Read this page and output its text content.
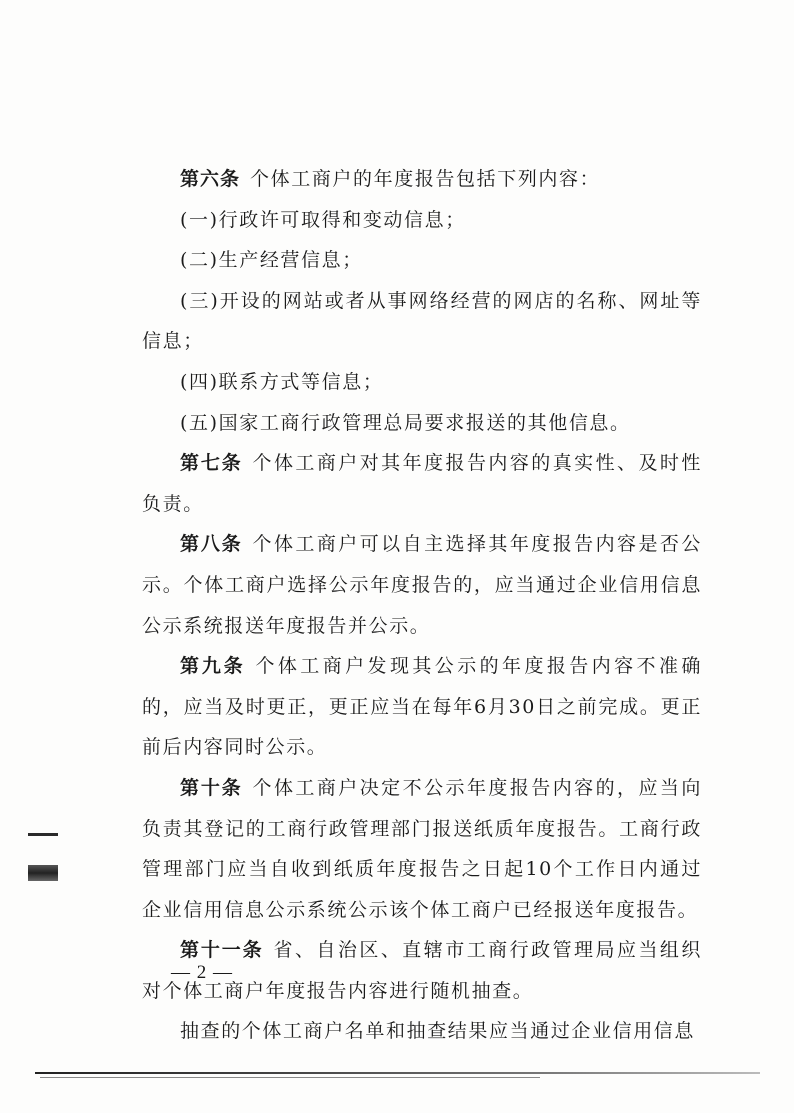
第六条 个体工商户的年度报告包括下列内容：

(一)行政许可取得和变动信息；

(二)生产经营信息；

(三)开设的网站或者从事网络经营的网店的名称、网址等信息；

(四)联系方式等信息；

(五)国家工商行政管理总局要求报送的其他信息。

第七条 个体工商户对其年度报告内容的真实性、及时性负责。

第八条 个体工商户可以自主选择其年度报告内容是否公示。个体工商户选择公示年度报告的，应当通过企业信用信息公示系统报送年度报告并公示。

第九条 个体工商户发现其公示的年度报告内容不准确的，应当及时更正，更正应当在每年6月30日之前完成。更正前后内容同时公示。

第十条 个体工商户决定不公示年度报告内容的，应当向负责其登记的工商行政管理部门报送纸质年度报告。工商行政管理部门应当自收到纸质年度报告之日起10个工作日内通过企业信用信息公示系统公示该个体工商户已经报送年度报告。

第十一条 省、自治区、直辖市工商行政管理局应当组织对个体工商户年度报告内容进行随机抽查。

抽查的个体工商户名单和抽查结果应当通过企业信用信息

— 2 —
